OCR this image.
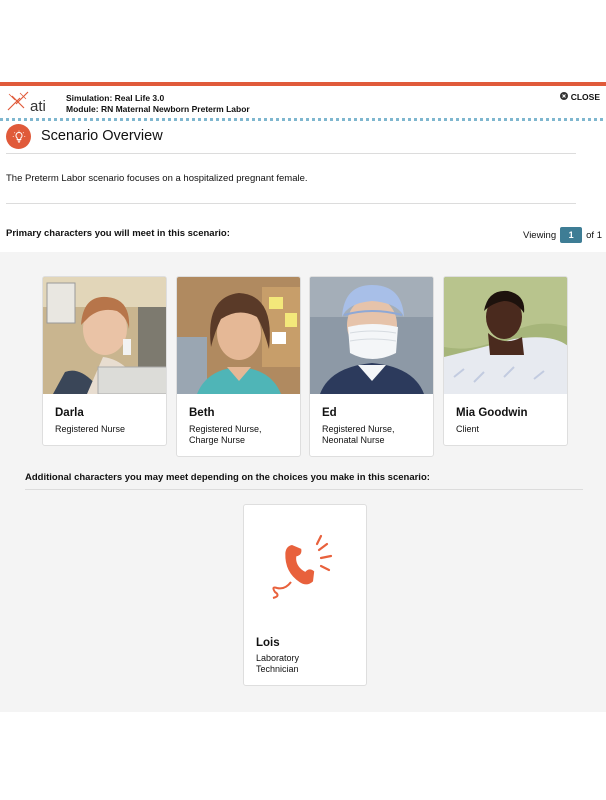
ati Simulation: Real Life 3.0
Module: RN Maternal Newborn Preterm Labor
CLOSE
Scenario Overview
The Preterm Labor scenario focuses on a hospitalized pregnant female.
Primary characters you will meet in this scenario:	Viewing	1	of 1
Darla
Registered Nurse
Beth
Registered Nurse,
Charge Nurse
Ed
Registered Nurse,
Neonatal Nurse
Mia Goodwin
Client
Additional characters you may meet depending on the choices you make in this scenario:
Lois
Laboratory
Technician
